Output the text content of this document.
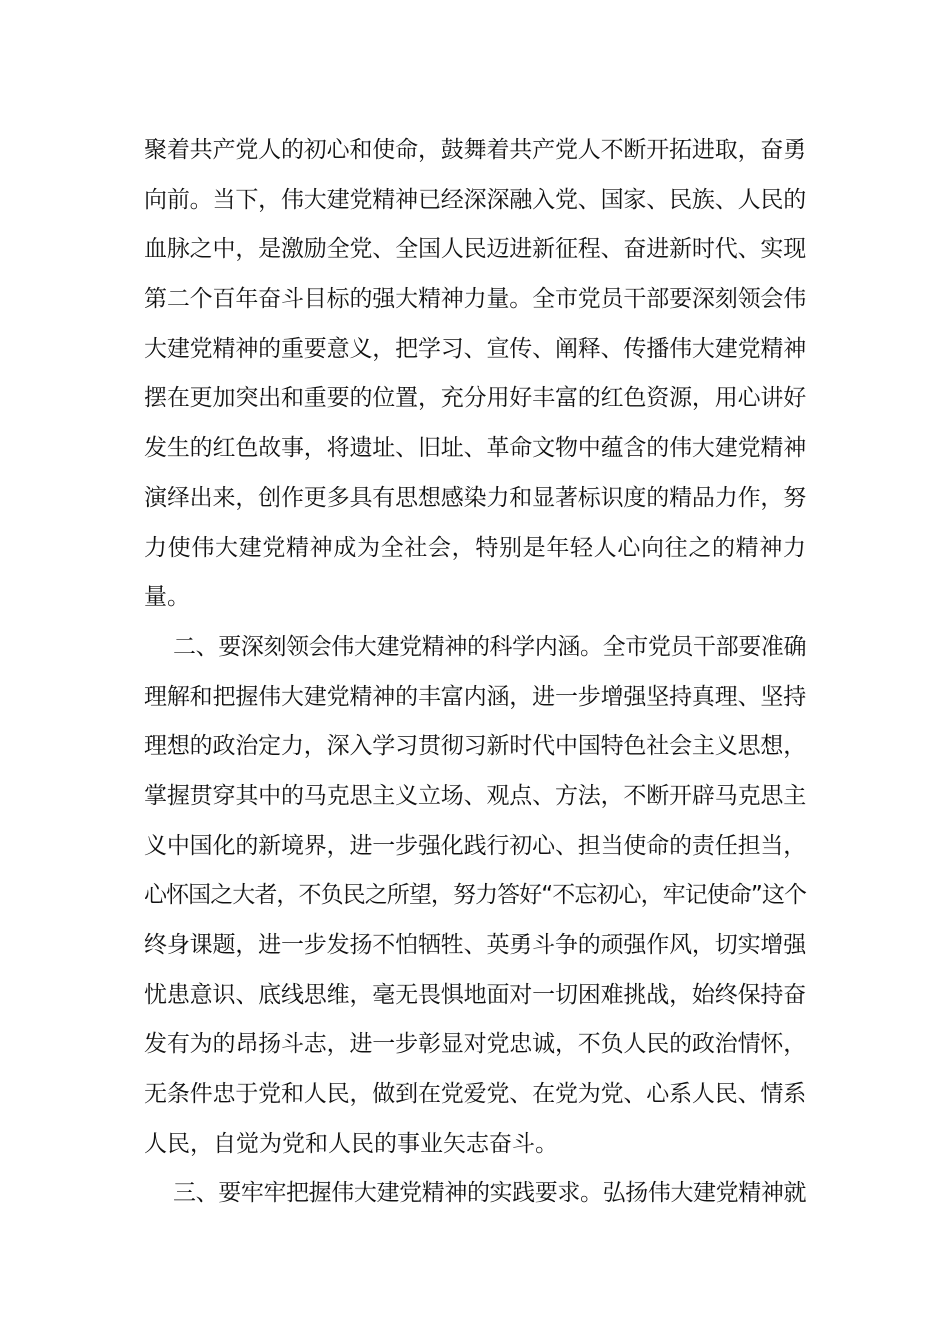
聚着共产党人的初心和使命，鼓舞着共产党人不断开拓进取，奋勇
向前。当下，伟大建党精神已经深深融入党、国家、民族、人民的
血脉之中，是激励全党、全国人民迈进新征程、奋进新时代、实现
第二个百年奋斗目标的强大精神力量。全市党员干部要深刻领会伟
大建党精神的重要意义，把学习、宣传、阐释、传播伟大建党精神
摆在更加突出和重要的位置，充分用好丰富的红色资源，用心讲好
发生的红色故事，将遗址、旧址、革命文物中蕴含的伟大建党精神
演绎出来，创作更多具有思想感染力和显著标识度的精品力作，努
力使伟大建党精神成为全社会，特别是年轻人心向往之的精神力
量。
二、要深刻领会伟大建党精神的科学内涵。全市党员干部要准确
理解和把握伟大建党精神的丰富内涵，进一步增强坚持真理、坚持
理想的政治定力，深入学习贯彻习新时代中国特色社会主义思想，
掌握贯穿其中的马克思主义立场、观点、方法，不断开辟马克思主
义中国化的新境界，进一步强化践行初心、担当使命的责任担当，
心怀国之大者，不负民之所望，努力答好“不忘初心，牢记使命”这个
终身课题，进一步发扬不怕牺牲、英勇斗争的顽强作风，切实增强
忧患意识、底线思维，毫无畏惧地面对一切困难挑战，始终保持奋
发有为的昂扬斗志，进一步彰显对党忠诚，不负人民的政治情怀，
无条件忠于党和人民，做到在党爱党、在党为党、心系人民、情系
人民，自觉为党和人民的事业矢志奋斗。
三、要牢牢把握伟大建党精神的实践要求。弘扬伟大建党精神就
